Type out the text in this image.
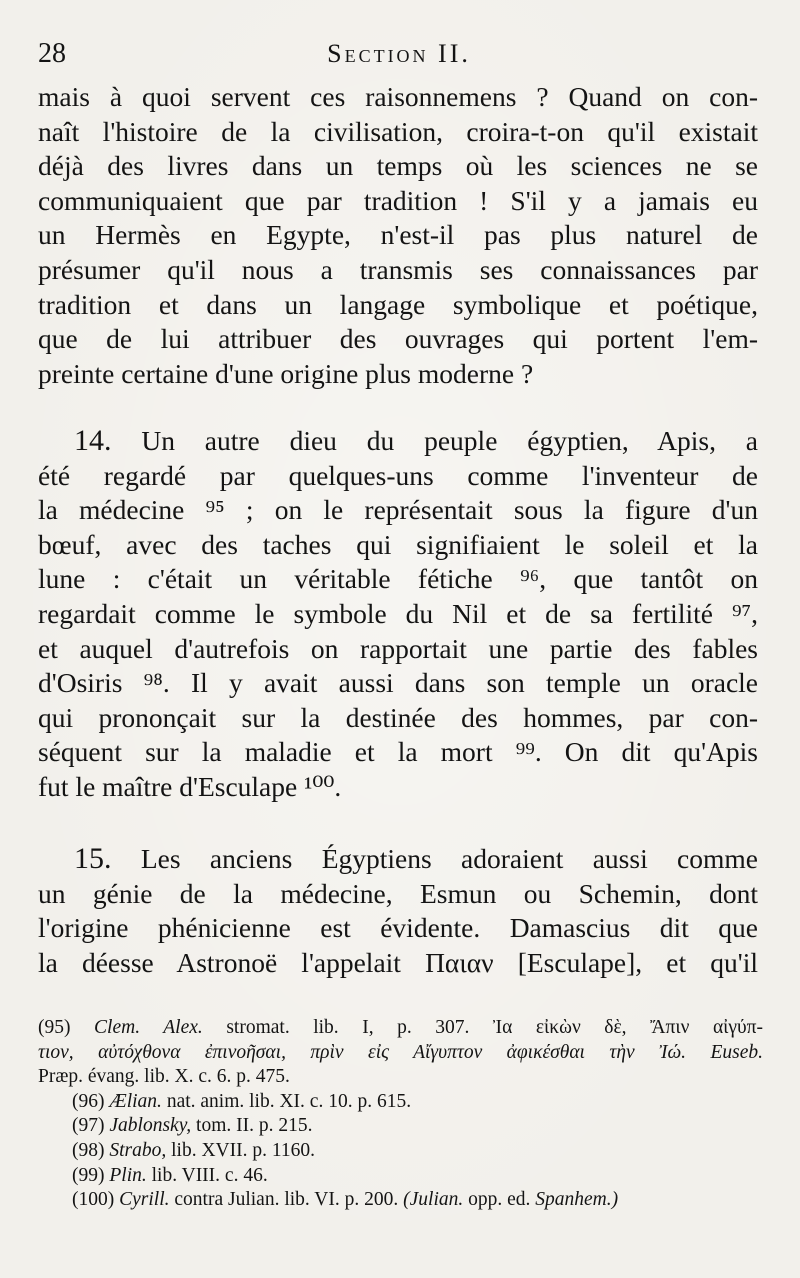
28	Section II.
mais à quoi servent ces raisonnemens ? Quand on con-
naît l'histoire de la civilisation, croira-t-on qu'il existait
déjà des livres dans un temps où les sciences ne se
communiquaient que par tradition ! S'il y a jamais eu
un Hermès en Egypte, n'est-il pas plus naturel de
présumer qu'il nous a transmis ses connaissances par
tradition et dans un langage symbolique et poétique,
que de lui attribuer des ouvrages qui portent l'em-
preinte certaine d'une origine plus moderne ?
14. Un autre dieu du peuple égyptien, Apis, a
été regardé par quelques-uns comme l'inventeur de
la médecine ⁹⁵ ; on le représentait sous la figure d'un
bœuf, avec des taches qui signifiaient le soleil et la
lune : c'était un véritable fétiche ⁹⁶, que tantôt on
regardait comme le symbole du Nil et de sa fertilité ⁹⁷,
et auquel d'autrefois on rapportait une partie des fables
d'Osiris ⁹⁸. Il y avait aussi dans son temple un oracle
qui prononçait sur la destinée des hommes, par con-
séquent sur la maladie et la mort ⁹⁹. On dit qu'Apis
fut le maître d'Esculape ¹⁰⁰.
15. Les anciens Égyptiens adoraient aussi comme
un génie de la médecine, Esmun ou Schemin, dont
l'origine phénicienne est évidente. Damascius dit que
la déesse Astronoë l'appelait Παιαν [Esculape], et qu'il
(95) Clem. Alex. stromat. lib. I, p. 307. Ἰα εἰκὼν δὲ, Ἄπιν αἰγύπ-
τιον, αὐτόχθονα ἐπινοῆσαι, πρὶν εἰς Αἴγυπτον ἀφικέσθαι τὴν Ἰώ. Euseb.
Præp. évang. lib. X. c. 6. p. 475.
(96) Ælian. nat. anim. lib. XI. c. 10. p. 615.
(97) Jablonsky, tom. II. p. 215.
(98) Strabo, lib. XVII. p. 1160.
(99) Plin. lib. VIII. c. 46.
(100) Cyrill. contra Julian. lib. VI. p. 200. (Julian. opp. ed. Spanhem.)
